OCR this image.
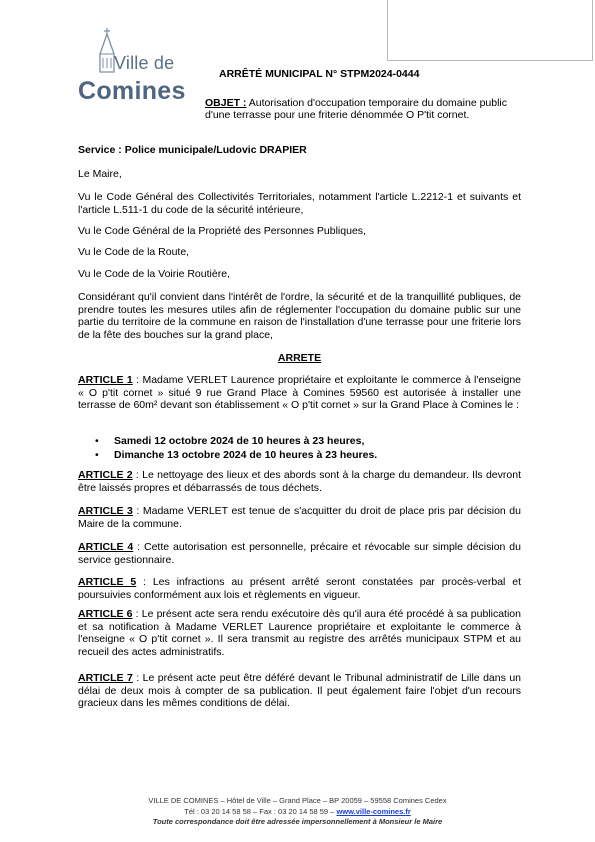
Ville de
Comines
ARRÊTÉ MUNICIPAL N° STPM2024-0444
OBJET : Autorisation d'occupation temporaire du domaine public d'une terrasse pour une friterie dénommée O P'tit cornet.
Service : Police municipale/Ludovic DRAPIER
Le Maire,
Vu le Code Général des Collectivités Territoriales, notamment l'article L.2212-1 et suivants et l'article L.511-1 du code de la sécurité intérieure,
Vu le Code Général de la Propriété des Personnes Publiques,
Vu le Code de la Route,
Vu le Code de la Voirie Routière,
Considérant qu'il convient dans l'intérêt de l'ordre, la sécurité et de la tranquillité publiques, de prendre toutes les mesures utiles afin de réglementer l'occupation du domaine public sur une partie du territoire de la commune en raison de l'installation d'une terrasse pour une friterie lors de la fête des bouches sur la grand place,
ARRETE
ARTICLE 1 : Madame VERLET Laurence propriétaire et exploitante le commerce à l'enseigne « O p'tit cornet » situé 9 rue Grand Place à Comines 59560 est autorisée à installer une terrasse de 60m² devant son établissement « O p'tit cornet » sur la Grand Place à Comines le :
• Samedi 12 octobre 2024 de 10 heures à 23 heures,
• Dimanche 13 octobre 2024 de 10 heures à 23 heures.
ARTICLE 2 : Le nettoyage des lieux et des abords sont à la charge du demandeur. Ils devront être laissés propres et débarrassés de tous déchets.
ARTICLE 3 : Madame VERLET est tenue de s'acquitter du droit de place pris par décision du Maire de la commune.
ARTICLE 4 : Cette autorisation est personnelle, précaire et révocable sur simple décision du service gestionnaire.
ARTICLE 5 : Les infractions au présent arrêté seront constatées par procès-verbal et poursuivies conformément aux lois et règlements en vigueur.
ARTICLE 6 : Le présent acte sera rendu exécutoire dès qu'il aura été procédé à sa publication et sa notification à Madame VERLET Laurence propriétaire et exploitante le commerce à l'enseigne « O p'tit cornet ». Il sera transmit au registre des arrêtés municipaux STPM et au recueil des actes administratifs.
ARTICLE 7 : Le présent acte peut être déféré devant le Tribunal administratif de Lille dans un délai de deux mois à compter de sa publication. Il peut également faire l'objet d'un recours gracieux dans les mêmes conditions de délai.
VILLE DE COMINES – Hôtel de Ville – Grand Place – BP 20059 – 59558 Comines Cedex
Tél : 03 20 14 58 58 – Fax : 03 20 14 58 59 – www.ville-comines.fr
Toute correspondance doit être adressée impersonnellement à Monsieur le Maire
